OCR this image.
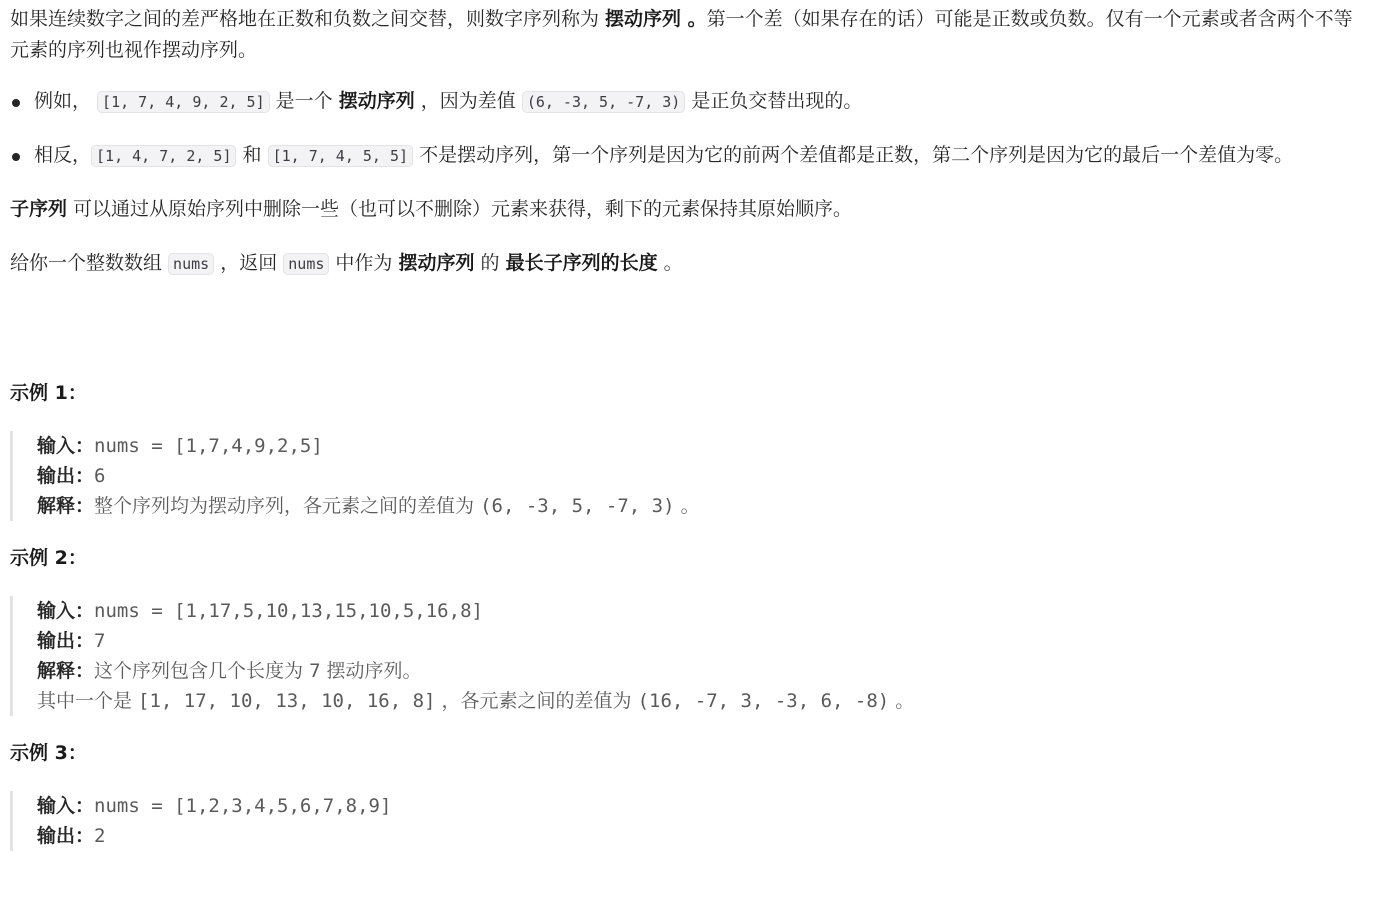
如果连续数字之间的差严格地在正数和负数之间交替，则数字序列称为 摆动序列 。第一个差（如果存在的话）可能是正数或负数。仅有一个元素或者含两个不等元素的序列也视作摆动序列。

例如， [1, 7, 4, 9, 2, 5] 是一个 摆动序列 ，因为差值 (6, -3, 5, -7, 3) 是正负交替出现的。
相反， [1, 4, 7, 2, 5] 和 [1, 7, 4, 5, 5] 不是摆动序列，第一个序列是因为它的前两个差值都是正数，第二个序列是因为它的最后一个差值为零。

子序列 可以通过从原始序列中删除一些（也可以不删除）元素来获得，剩下的元素保持其原始顺序。

给你一个整数数组 nums ，返回 nums 中作为 摆动序列 的 最长子序列的长度 。

示例 1：

输入：nums = [1,7,4,9,2,5]
输出：6
解释：整个序列均为摆动序列，各元素之间的差值为 (6, -3, 5, -7, 3) 。

示例 2：

输入：nums = [1,17,5,10,13,15,10,5,16,8]
输出：7
解释：这个序列包含几个长度为 7 摆动序列。
其中一个是 [1, 17, 10, 13, 10, 16, 8] ，各元素之间的差值为 (16, -7, 3, -3, 6, -8) 。

示例 3：

输入：nums = [1,2,3,4,5,6,7,8,9]
输出：2
